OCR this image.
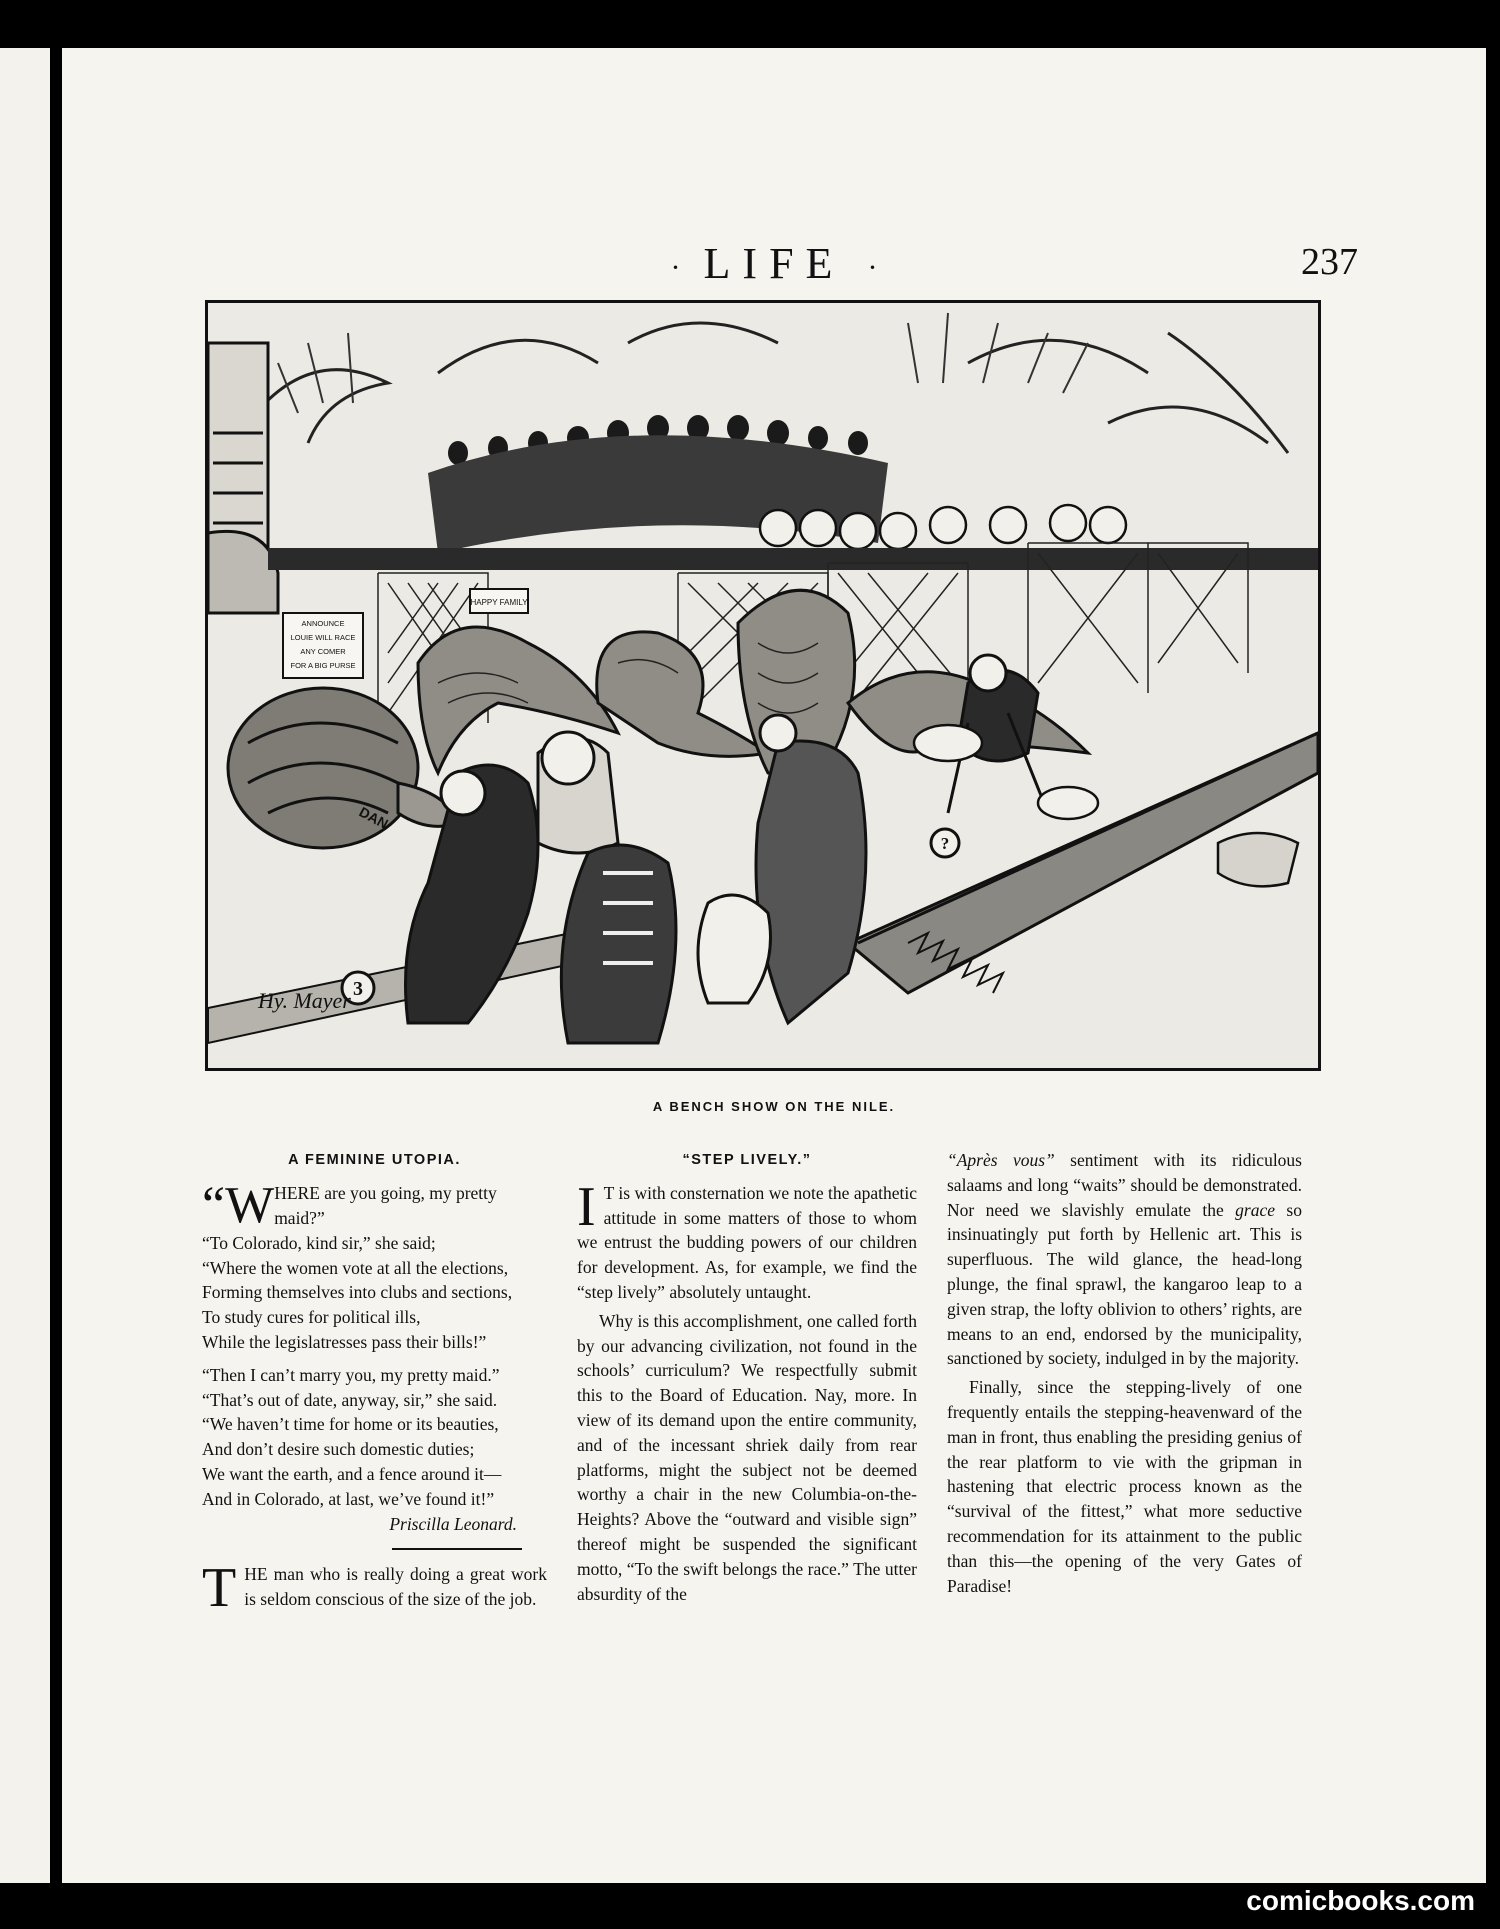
· LIFE ·	237
ANNOUNCE
LOUIE WILL RACE
ANY COMER
FOR A BIG PURSE
HAPPY FAMILY
DAN
3
?
Hy. Mayer
A BENCH SHOW ON THE NILE.
A FEMININE UTOPIA.
“W HERE are you going, my pretty maid?”
“To Colorado, kind sir,” she said;
“Where the women vote at all the elections,
Forming themselves into clubs and sections,
To study cures for political ills,
While the legislatresses pass their bills!”
“Then I can’t marry you, my pretty maid.”
“That’s out of date, anyway, sir,” she said.
“We haven’t time for home or its beauties,
And don’t desire such domestic duties;
We want the earth, and a fence around it—
And in Colorado, at last, we’ve found it!”
Priscilla Leonard.

T HE man who is really doing a great work is seldom conscious of the size of the job.

“STEP LIVELY.”

I T is with consternation we note the apathetic attitude in some matters of those to whom we entrust the budding powers of our children for development. As, for example, we find the “step lively” absolutely untaught.

Why is this accomplishment, one called forth by our advancing civilization, not found in the schools’ curriculum? We respectfully submit this to the Board of Education. Nay, more. In view of its demand upon the entire community, and of the incessant shriek daily from rear platforms, might the subject not be deemed worthy a chair in the new Columbia-on-the-Heights? Above the “outward and visible sign” thereof might be suspended the significant motto, “To the swift belongs the race.” The utter absurdity of the

“Après vous” sentiment with its ridiculous salaams and long “waits” should be demonstrated. Nor need we slavishly emulate the grace so insinuatingly put forth by Hellenic art. This is superfluous. The wild glance, the head-long plunge, the final sprawl, the kangaroo leap to a given strap, the lofty oblivion to others’ rights, are means to an end, endorsed by the municipality, sanctioned by society, indulged in by the majority.

Finally, since the stepping-lively of one frequently entails the stepping-heavenward of the man in front, thus enabling the presiding genius of the rear platform to vie with the gripman in hastening that electric process known as the “survival of the fittest,” what more seductive recommendation for its attainment to the public than this—the opening of the very Gates of Paradise!

comicbooks.com
